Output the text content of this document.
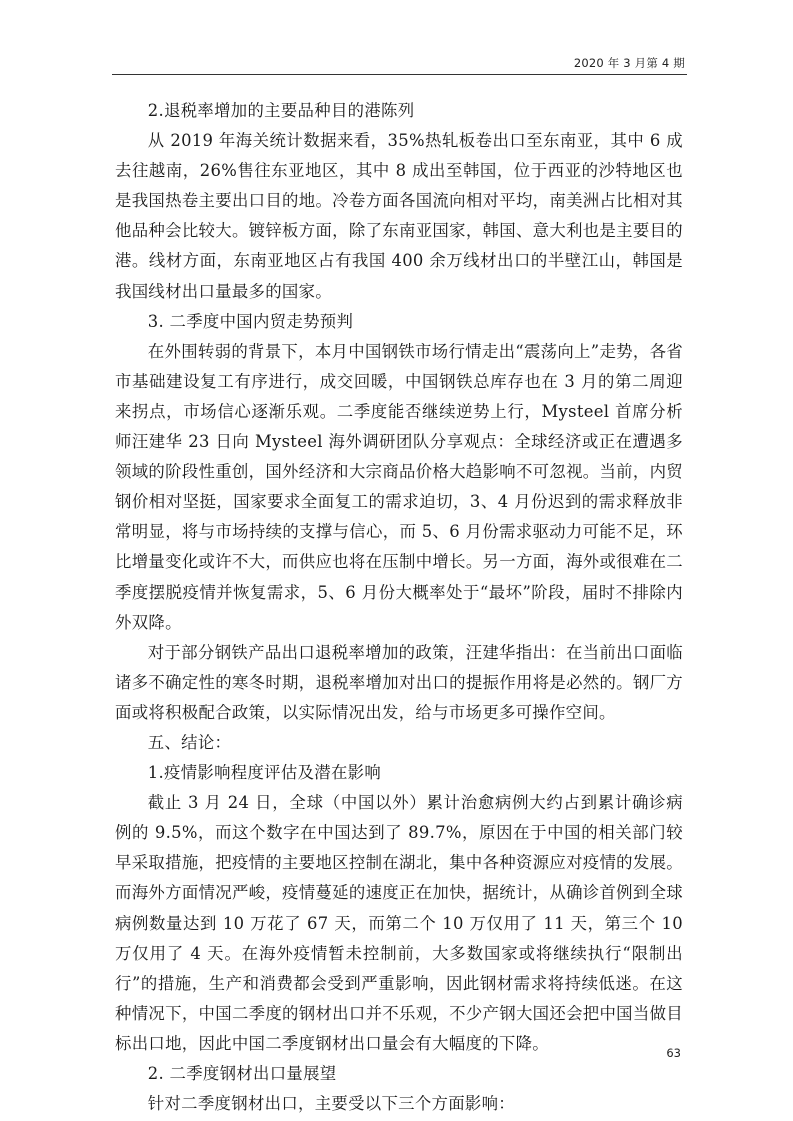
2020 年 3 月第 4 期

2.退税率增加的主要品种目的港陈列

从 2019 年海关统计数据来看，35%热轧板卷出口至东南亚，其中 6 成去往越南，26%售往东亚地区，其中 8 成出至韩国，位于西亚的沙特地区也是我国热卷主要出口目的地。冷卷方面各国流向相对平均，南美洲占比相对其他品种会比较大。镀锌板方面，除了东南亚国家，韩国、意大利也是主要目的港。线材方面，东南亚地区占有我国 400 余万线材出口的半壁江山，韩国是我国线材出口量最多的国家。

3. 二季度中国内贸走势预判

在外围转弱的背景下，本月中国钢铁市场行情走出“震荡向上”走势，各省市基础建设复工有序进行，成交回暖，中国钢铁总库存也在 3 月的第二周迎来拐点，市场信心逐渐乐观。二季度能否继续逆势上行，Mysteel 首席分析师汪建华 23 日向 Mysteel 海外调研团队分享观点：全球经济或正在遭遇多领域的阶段性重创，国外经济和大宗商品价格大趋影响不可忽视。当前，内贸钢价相对坚挺，国家要求全面复工的需求迫切，3、4 月份迟到的需求释放非常明显，将与市场持续的支撑与信心，而 5、6 月份需求驱动力可能不足，环比增量变化或许不大，而供应也将在压制中增长。另一方面，海外或很难在二季度摆脱疫情并恢复需求，5、6 月份大概率处于“最坏”阶段，届时不排除内外双降。

对于部分钢铁产品出口退税率增加的政策，汪建华指出：在当前出口面临诸多不确定性的寒冬时期，退税率增加对出口的提振作用将是必然的。钢厂方面或将积极配合政策，以实际情况出发，给与市场更多可操作空间。

五、结论：

1.疫情影响程度评估及潜在影响

截止 3 月 24 日，全球（中国以外）累计治愈病例大约占到累计确诊病例的 9.5%，而这个数字在中国达到了 89.7%，原因在于中国的相关部门较早采取措施，把疫情的主要地区控制在湖北，集中各种资源应对疫情的发展。而海外方面情况严峻，疫情蔓延的速度正在加快，据统计，从确诊首例到全球病例数量达到 10 万花了 67 天，而第二个 10 万仅用了 11 天，第三个 10 万仅用了 4 天。在海外疫情暂未控制前，大多数国家或将继续执行“限制出行”的措施，生产和消费都会受到严重影响，因此钢材需求将持续低迷。在这种情况下，中国二季度的钢材出口并不乐观，不少产钢大国还会把中国当做目标出口地，因此中国二季度钢材出口量会有大幅度的下降。

2. 二季度钢材出口量展望

针对二季度钢材出口，主要受以下三个方面影响：

63
